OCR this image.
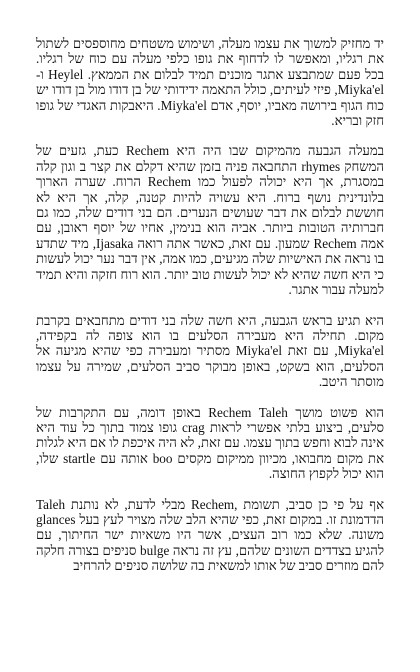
יד מחזיק למשוך את עצמו מעלה, ושימוש משטחים מחוספסים לשתול את רגליו, ומאפשר לו לדחוף את גופו כלפי מעלה עם כוח של רגליו. בכל פעם שמתבצע אתגר מוכנים תמיד לבלום את הממאץ. Heylel ו- Miyka'el, פיזי לעיתים, כולל התאמה ידידותי של בן דודו מול בן דודו יש כוח הגוף בירושה מאביו, יוסף, אדם Miyka'el. היאבקות האגדי של גופו חזק ובריא.

במעלה הגבעה מהמיקום שבו היה היא Rechem כעת, גזעים של המשחק rhymes התחבאה פניה בזמן שהיא דקלם את קצר ב וגון קלה במסגרת, אך היא יכולה לפעול כמו Rechem הרוח. שערה הארוך בלונדינית נושף ברוח. היא עשויה להיות קטנה, קלה, אך היא לא חוששת לבלום את דבר שעושים הנערים. הם בני דודים שלה, כמו גם חברותיה הטובות ביותר. אביה הוא בנימין, אחיו של יוסף ראובן, עם אמה Rechem שמעון. עם זאת, כאשר אתה רואה Ijasaka, מיד שתדע בו נראה את האישיות שלה מגיעים, כמו אמה, אין דבר נער יכול לעשות כי היא חשה שהיא לא יכול לעשות טוב יותר. הוא רוח חזקה והיא תמיד למעלה עבור אתגר.

היא תגיע בראש הגבעה, היא חשה שלה בני דודים מתחבאים בקרבת מקום. תחילה היא מעבירה הסלעים בו הוא צופה לה בקפידה, Miyka'el, עם זאת Miyka'el מסתיר ומעבירה כפי שהיא מגיעה אל הסלעים, הוא בשקט, באופן מבוקר סביב הסלעים, שמירה על עצמו מוסתר היטב.

הוא פשוט מושך Rechem Taleh באופן דומה, עם התקרבות של סלעים, ביצוע בלתי אפשרי לראות crag גופו צמוד בתוך כל עוד היא אינה לבוא וחפש בתוך עצמו. עם זאת, לא היה איכפת לו אם היא לגלות את מקום מחבואו, מכיוון ממיקום מקסים boo אותה עם startle שלו, הוא יכול לקפוץ החוצה.

Taleh מבלי לדעת, לא נותנת Rechem, אף על פי כן סביב, תשומת glances הדדמונת זו. במקום זאת, כפי שהיא הלב שלה מצויר לעץ בעל משונה. שלא כמו רוב העצים, אשר היו משאיות ישר החיתוך, עם סניפים בצורה חלקה bulge להגיע בצדדים השונים שלהם, עץ זה נראה להם מוזרים סביב של אותו למשאית בה שלושה סניפים להרחיב
